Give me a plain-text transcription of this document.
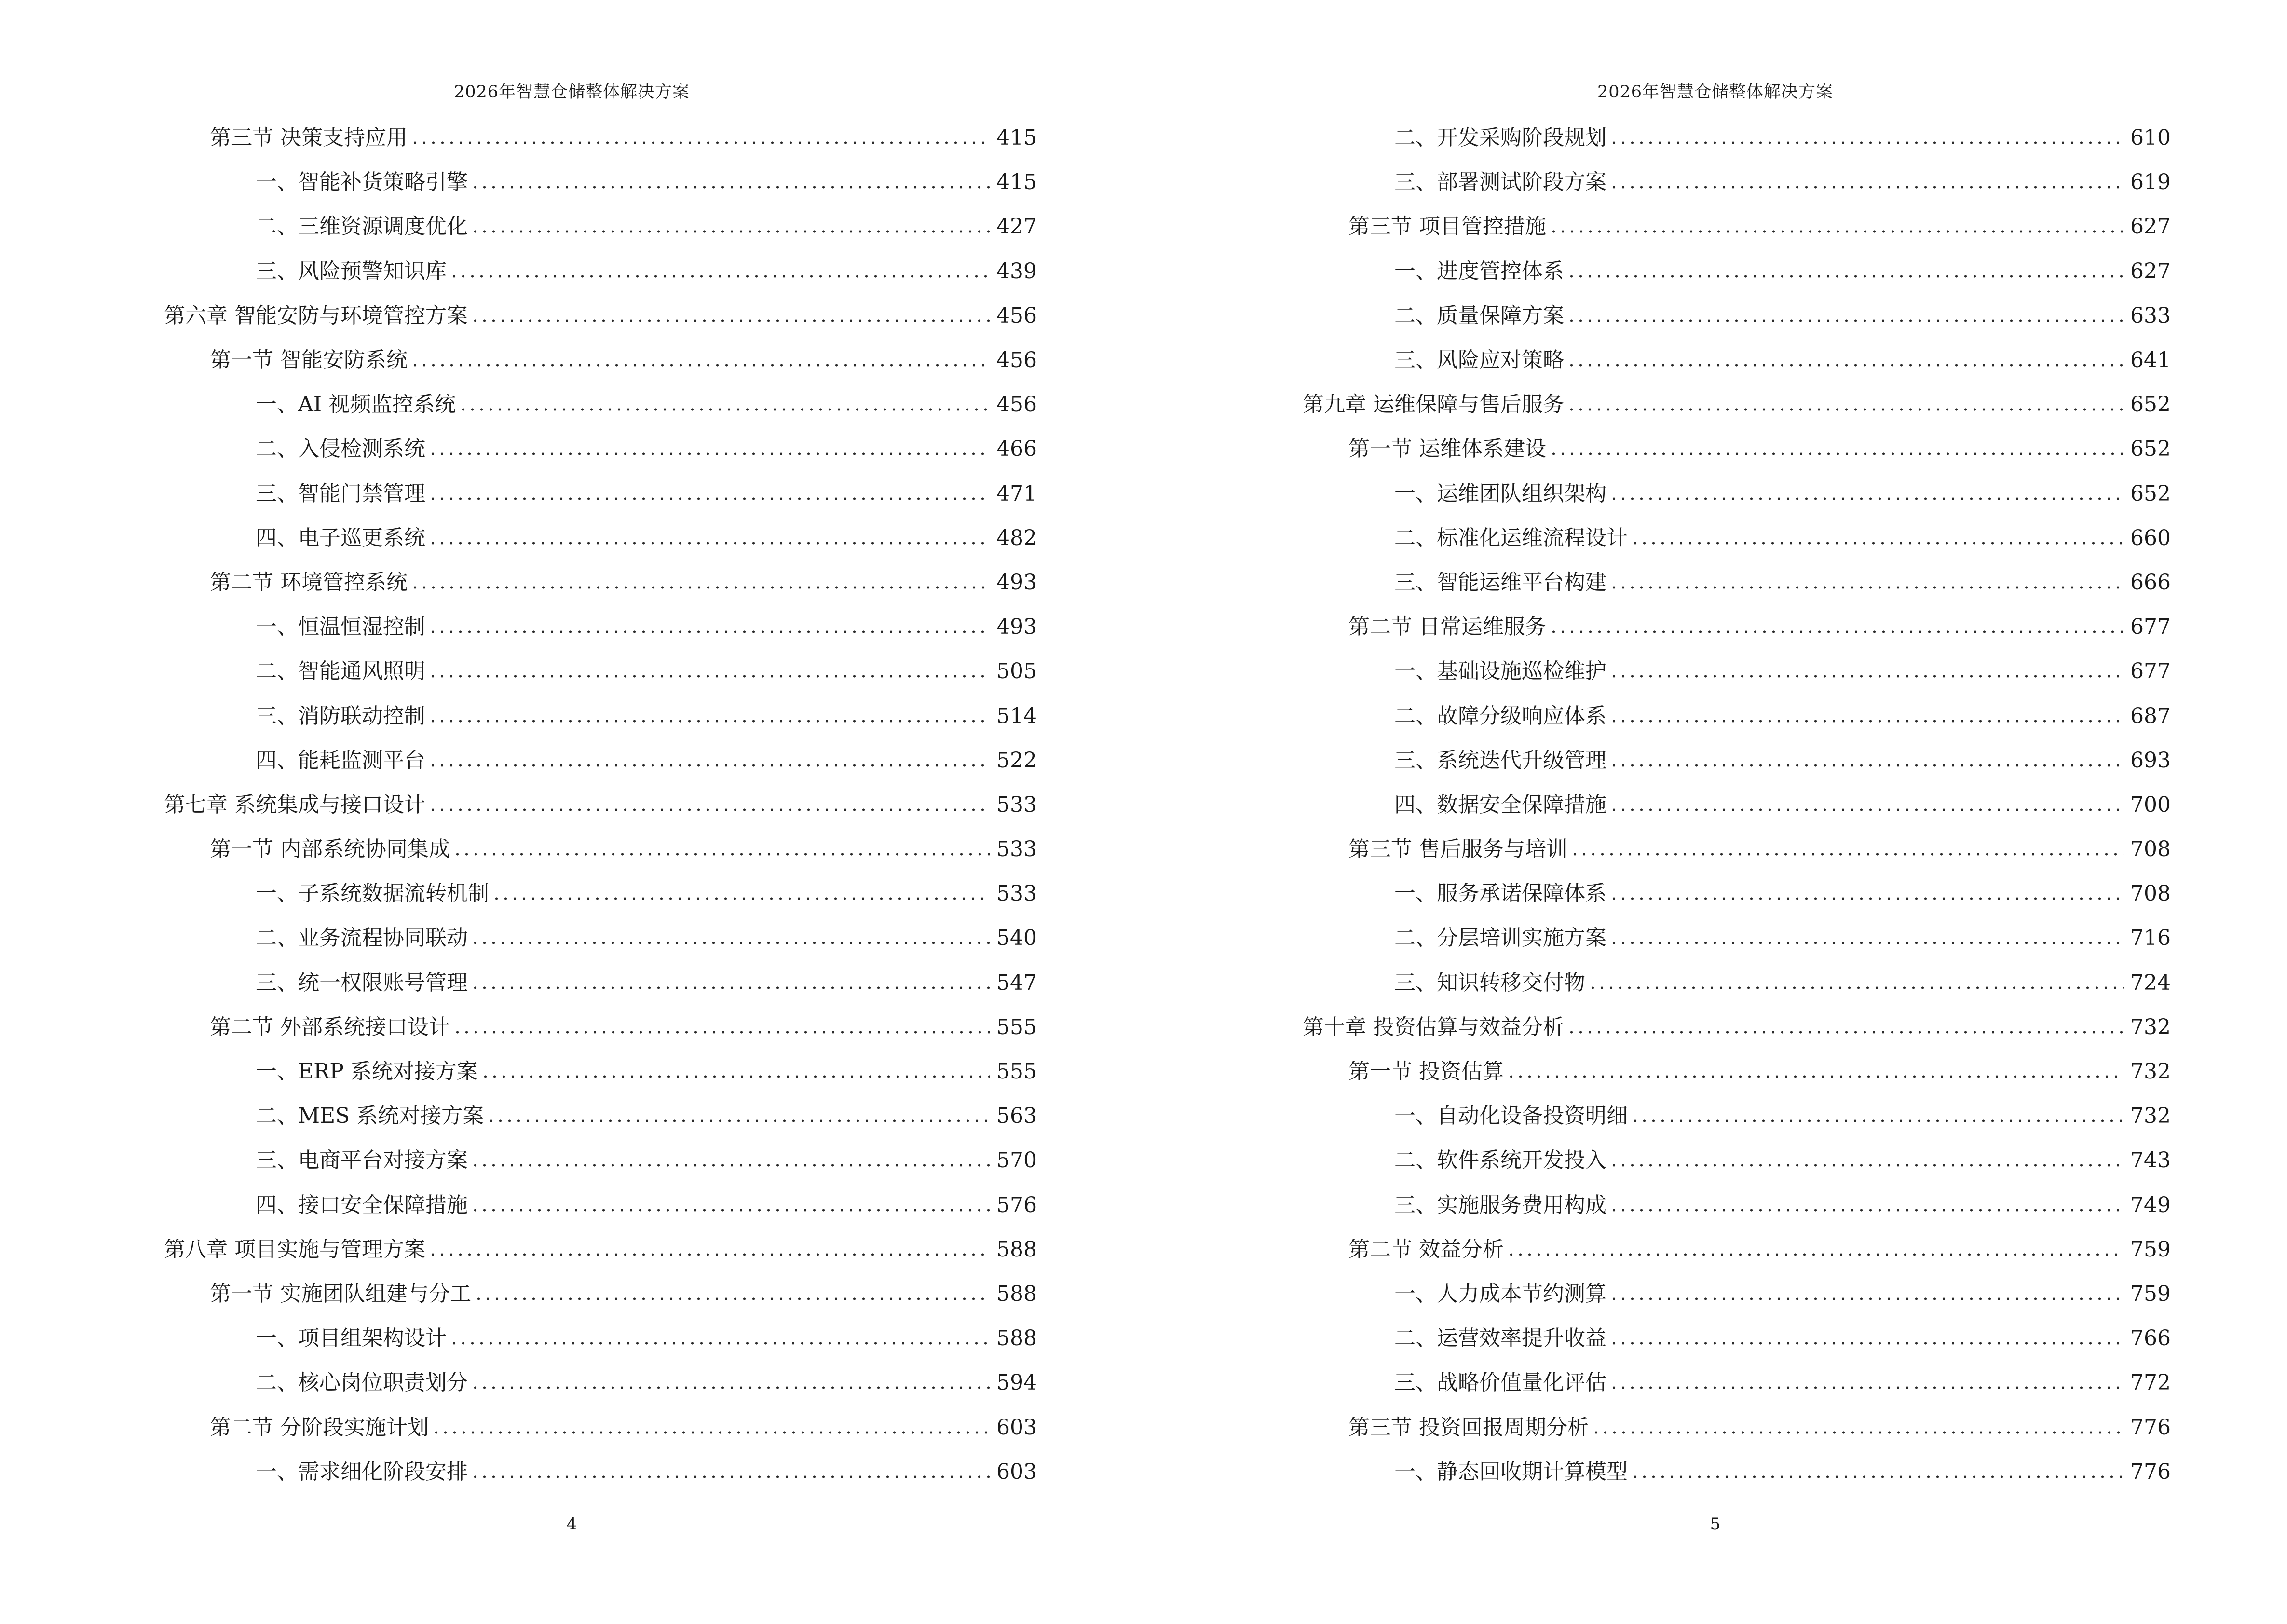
2026年智慧仓储整体解决方案
第三节 决策支持应用	415
一、智能补货策略引擎	415
二、三维资源调度优化	427
三、风险预警知识库	439
第六章 智能安防与环境管控方案	456
第一节 智能安防系统	456
一、AI 视频监控系统	456
二、入侵检测系统	466
三、智能门禁管理	471
四、电子巡更系统	482
第二节 环境管控系统	493
一、恒温恒湿控制	493
二、智能通风照明	505
三、消防联动控制	514
四、能耗监测平台	522
第七章 系统集成与接口设计	533
第一节 内部系统协同集成	533
一、子系统数据流转机制	533
二、业务流程协同联动	540
三、统一权限账号管理	547
第二节 外部系统接口设计	555
一、ERP 系统对接方案	555
二、MES 系统对接方案	563
三、电商平台对接方案	570
四、接口安全保障措施	576
第八章 项目实施与管理方案	588
第一节 实施团队组建与分工	588
一、项目组架构设计	588
二、核心岗位职责划分	594
第二节 分阶段实施计划	603
一、需求细化阶段安排	603
4
2026年智慧仓储整体解决方案
二、开发采购阶段规划	610
三、部署测试阶段方案	619
第三节 项目管控措施	627
一、进度管控体系	627
二、质量保障方案	633
三、风险应对策略	641
第九章 运维保障与售后服务	652
第一节 运维体系建设	652
一、运维团队组织架构	652
二、标准化运维流程设计	660
三、智能运维平台构建	666
第二节 日常运维服务	677
一、基础设施巡检维护	677
二、故障分级响应体系	687
三、系统迭代升级管理	693
四、数据安全保障措施	700
第三节 售后服务与培训	708
一、服务承诺保障体系	708
二、分层培训实施方案	716
三、知识转移交付物	724
第十章 投资估算与效益分析	732
第一节 投资估算	732
一、自动化设备投资明细	732
二、软件系统开发投入	743
三、实施服务费用构成	749
第二节 效益分析	759
一、人力成本节约测算	759
二、运营效率提升收益	766
三、战略价值量化评估	772
第三节 投资回报周期分析	776
一、静态回收期计算模型	776
5
